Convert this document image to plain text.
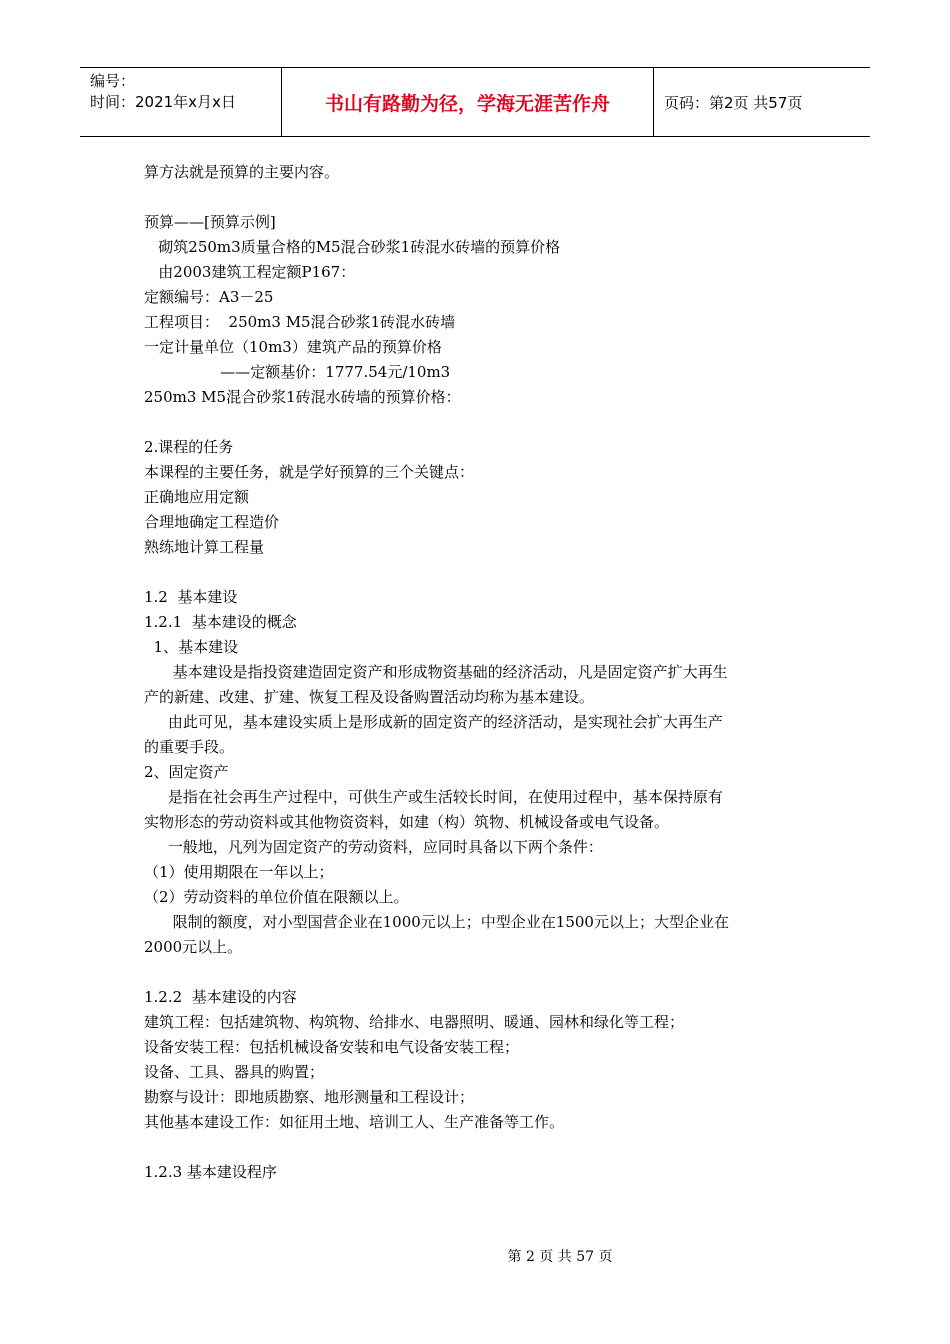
编号：
时间：2021年x月x日	书山有路勤为径，学海无涯苦作舟	页码：第2页 共57页
算方法就是预算的主要内容。
预算——[预算示例]
砌筑250m3质量合格的M5混合砂浆1砖混水砖墙的预算价格
由2003建筑工程定额P167：
定额编号：A3－25
工程项目：  250m3 M5混合砂浆1砖混水砖墙
一定计量单位（10m3）建筑产品的预算价格
——定额基价：1777.54元/10m3
250m3 M5混合砂浆1砖混水砖墙的预算价格：
2.课程的任务
本课程的主要任务，就是学好预算的三个关键点：
正确地应用定额
合理地确定工程造价
熟练地计算工程量
1.2  基本建设
1.2.1  基本建设的概念
1、基本建设
基本建设是指投资建造固定资产和形成物资基础的经济活动，凡是固定资产扩大再生
产的新建、改建、扩建、恢复工程及设备购置活动均称为基本建设。
由此可见，基本建设实质上是形成新的固定资产的经济活动，是实现社会扩大再生产
的重要手段。
2、固定资产
是指在社会再生产过程中，可供生产或生活较长时间，在使用过程中，基本保持原有
实物形态的劳动资料或其他物资资料，如建（构）筑物、机械设备或电气设备。
一般地，凡列为固定资产的劳动资料，应同时具备以下两个条件：
（1）使用期限在一年以上；
（2）劳动资料的单位价值在限额以上。
限制的额度，对小型国营企业在1000元以上；中型企业在1500元以上；大型企业在
2000元以上。
1.2.2  基本建设的内容
建筑工程：包括建筑物、构筑物、给排水、电器照明、暖通、园林和绿化等工程；
设备安装工程：包括机械设备安装和电气设备安装工程；
设备、工具、器具的购置；
勘察与设计：即地质勘察、地形测量和工程设计；
其他基本建设工作：如征用土地、培训工人、生产准备等工作。
1.2.3 基本建设程序
第 2 页 共 57 页
